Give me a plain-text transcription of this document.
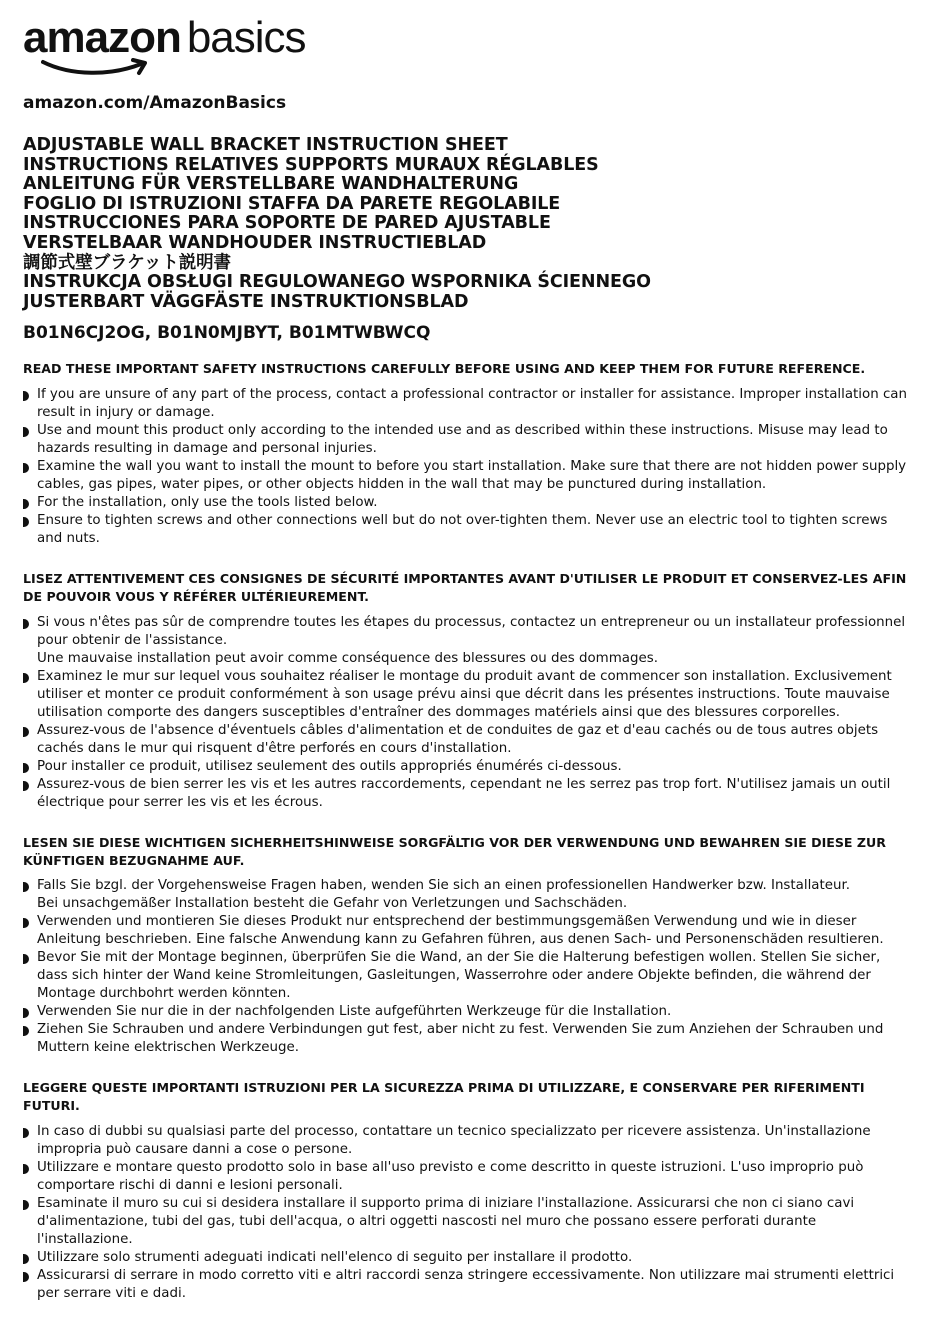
amazon basics
amazon.com/AmazonBasics
ADJUSTABLE WALL BRACKET INSTRUCTION SHEET
INSTRUCTIONS RELATIVES SUPPORTS MURAUX RÉGLABLES
ANLEITUNG FÜR VERSTELLBARE WANDHALTERUNG
FOGLIO DI ISTRUZIONI STAFFA DA PARETE REGOLABILE
INSTRUCCIONES PARA SOPORTE DE PARED AJUSTABLE
VERSTELBAAR WANDHOUDER INSTRUCTIEBLAD
調節式壁ブラケット説明書
INSTRUKCJA OBSŁUGI REGULOWANEGO WSPORNIKA ŚCIENNEGO
JUSTERBART VÄGGFÄSTE INSTRUKTIONSBLAD
B01N6CJ2OG, B01N0MJBYT, B01MTWBWCQ
READ THESE IMPORTANT SAFETY INSTRUCTIONS CAREFULLY BEFORE USING AND KEEP THEM FOR FUTURE REFERENCE.
If you are unsure of any part of the process, contact a professional contractor or installer for assistance. Improper installation can result in injury or damage.
Use and mount this product only according to the intended use and as described within these instructions. Misuse may lead to hazards resulting in damage and personal injuries.
Examine the wall you want to install the mount to before you start installation. Make sure that there are not hidden power supply cables, gas pipes, water pipes, or other objects hidden in the wall that may be punctured during installation.
For the installation, only use the tools listed below.
Ensure to tighten screws and other connections well but do not over-tighten them. Never use an electric tool to tighten screws and nuts.
LISEZ ATTENTIVEMENT CES CONSIGNES DE SÉCURITÉ IMPORTANTES AVANT D'UTILISER LE PRODUIT ET CONSERVEZ-LES AFIN DE POUVOIR VOUS Y RÉFÉRER ULTÉRIEUREMENT.
Si vous n'êtes pas sûr de comprendre toutes les étapes du processus, contactez un entrepreneur ou un installateur professionnel pour obtenir de l'assistance.
Une mauvaise installation peut avoir comme conséquence des blessures ou des dommages.
Examinez le mur sur lequel vous souhaitez réaliser le montage du produit avant de commencer son installation. Exclusivement utiliser et monter ce produit conformément à son usage prévu ainsi que décrit dans les présentes instructions. Toute mauvaise utilisation comporte des dangers susceptibles d'entraîner des dommages matériels ainsi que des blessures corporelles.
Assurez-vous de l'absence d'éventuels câbles d'alimentation et de conduites de gaz et d'eau cachés ou de tous autres objets cachés dans le mur qui risquent d'être perforés en cours d'installation.
Pour installer ce produit, utilisez seulement des outils appropriés énumérés ci-dessous.
Assurez-vous de bien serrer les vis et les autres raccordements, cependant ne les serrez pas trop fort. N'utilisez jamais un outil électrique pour serrer les vis et les écrous.
LESEN SIE DIESE WICHTIGEN SICHERHEITSHINWEISE SORGFÄLTIG VOR DER VERWENDUNG UND BEWAHREN SIE DIESE ZUR KÜNFTIGEN BEZUGNAHME AUF.
Falls Sie bzgl. der Vorgehensweise Fragen haben, wenden Sie sich an einen professionellen Handwerker bzw. Installateur.
Bei unsachgemäßer Installation besteht die Gefahr von Verletzungen und Sachschäden.
Verwenden und montieren Sie dieses Produkt nur entsprechend der bestimmungsgemäßen Verwendung und wie in dieser Anleitung beschrieben. Eine falsche Anwendung kann zu Gefahren führen, aus denen Sach- und Personenschäden resultieren.
Bevor Sie mit der Montage beginnen, überprüfen Sie die Wand, an der Sie die Halterung befestigen wollen. Stellen Sie sicher, dass sich hinter der Wand keine Stromleitungen, Gasleitungen, Wasserrohre oder andere Objekte befinden, die während der Montage durchbohrt werden könnten.
Verwenden Sie nur die in der nachfolgenden Liste aufgeführten Werkzeuge für die Installation.
Ziehen Sie Schrauben und andere Verbindungen gut fest, aber nicht zu fest. Verwenden Sie zum Anziehen der Schrauben und Muttern keine elektrischen Werkzeuge.
LEGGERE QUESTE IMPORTANTI ISTRUZIONI PER LA SICUREZZA PRIMA DI UTILIZZARE, E CONSERVARE PER RIFERIMENTI FUTURI.
In caso di dubbi su qualsiasi parte del processo, contattare un tecnico specializzato per ricevere assistenza. Un'installazione impropria può causare danni a cose o persone.
Utilizzare e montare questo prodotto solo in base all'uso previsto e come descritto in queste istruzioni. L'uso improprio può comportare rischi di danni e lesioni personali.
Esaminate il muro su cui si desidera installare il supporto prima di iniziare l'installazione. Assicurarsi che non ci siano cavi d'alimentazione, tubi del gas, tubi dell'acqua, o altri oggetti nascosti nel muro che possano essere perforati durante l'installazione.
Utilizzare solo strumenti adeguati indicati nell'elenco di seguito per installare il prodotto.
Assicurarsi di serrare in modo corretto viti e altri raccordi senza stringere eccessivamente. Non utilizzare mai strumenti elettrici per serrare viti e dadi.
